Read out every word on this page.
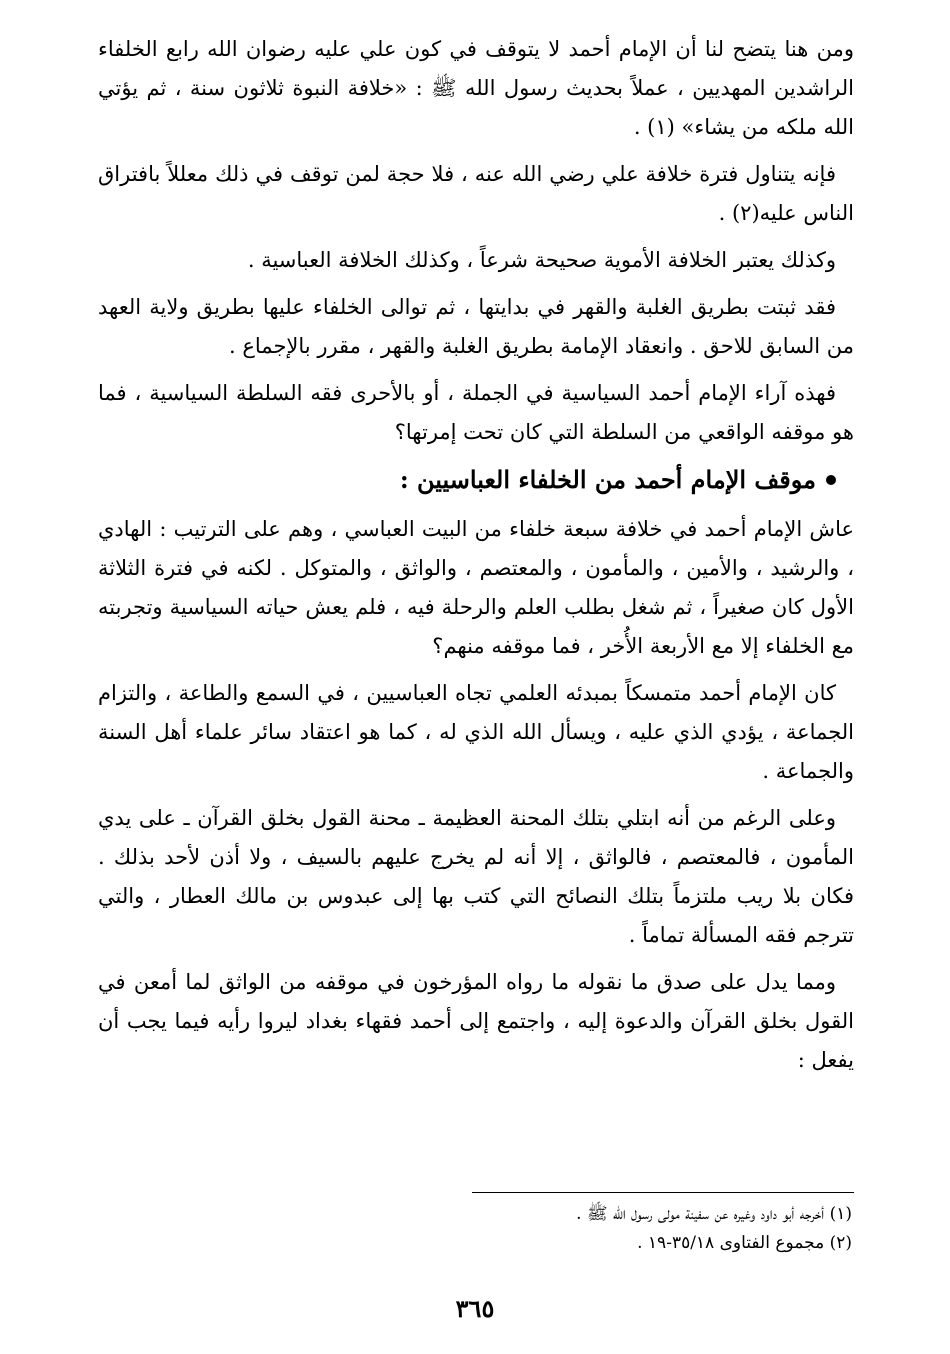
ومن هنا يتضح لنا أن الإمام أحمد لا يتوقف في كون علي عليه رضوان الله رابع الخلفاء الراشدين المهديين ، عملاً بحديث رسول الله ﷺ : «خلافة النبوة ثلاثون سنة ، ثم يؤتي الله ملكه من يشاء» (١) .

فإنه يتناول فترة خلافة علي رضي الله عنه ، فلا حجة لمن توقف في ذلك معللاً بافتراق الناس عليه(٢) .

وكذلك يعتبر الخلافة الأموية صحيحة شرعاً ، وكذلك الخلافة العباسية .

فقد ثبتت بطريق الغلبة والقهر في بدايتها ، ثم توالى الخلفاء عليها بطريق ولاية العهد من السابق للاحق . وانعقاد الإمامة بطريق الغلبة والقهر ، مقرر بالإجماع .

فهذه آراء الإمام أحمد السياسية في الجملة ، أو بالأحرى فقه السلطة السياسية ، فما هو موقفه الواقعي من السلطة التي كان تحت إمرتها؟

موقف الإمام أحمد من الخلفاء العباسيين :

عاش الإمام أحمد في خلافة سبعة خلفاء من البيت العباسي ، وهم على الترتيب : الهادي ، والرشيد ، والأمين ، والمأمون ، والمعتصم ، والواثق ، والمتوكل . لكنه في فترة الثلاثة الأول كان صغيراً ، ثم شغل بطلب العلم والرحلة فيه ، فلم يعش حياته السياسية وتجربته مع الخلفاء إلا مع الأربعة الأُخر ، فما موقفه منهم؟

كان الإمام أحمد متمسكاً بمبدئه العلمي تجاه العباسيين ، في السمع والطاعة ، والتزام الجماعة ، يؤدي الذي عليه ، ويسأل الله الذي له ، كما هو اعتقاد سائر علماء أهل السنة والجماعة .

وعلى الرغم من أنه ابتلي بتلك المحنة العظيمة ـ محنة القول بخلق القرآن ـ على يدي المأمون ، فالمعتصم ، فالواثق ، إلا أنه لم يخرج عليهم بالسيف ، ولا أذن لأحد بذلك . فكان بلا ريب ملتزماً بتلك النصائح التي كتب بها إلى عبدوس بن مالك العطار ، والتي تترجم فقه المسألة تماماً .

ومما يدل على صدق ما نقوله ما رواه المؤرخون في موقفه من الواثق لما أمعن في القول بخلق القرآن والدعوة إليه ، واجتمع إلى أحمد فقهاء بغداد ليروا رأيه فيما يجب أن يفعل :

(١) أخرجه أبو داود وغيره عن سفينة مولى رسول الله ﷺ .

(٢) مجموع الفتاوى ٣٥/١٨-١٩ .

٣٦٥
